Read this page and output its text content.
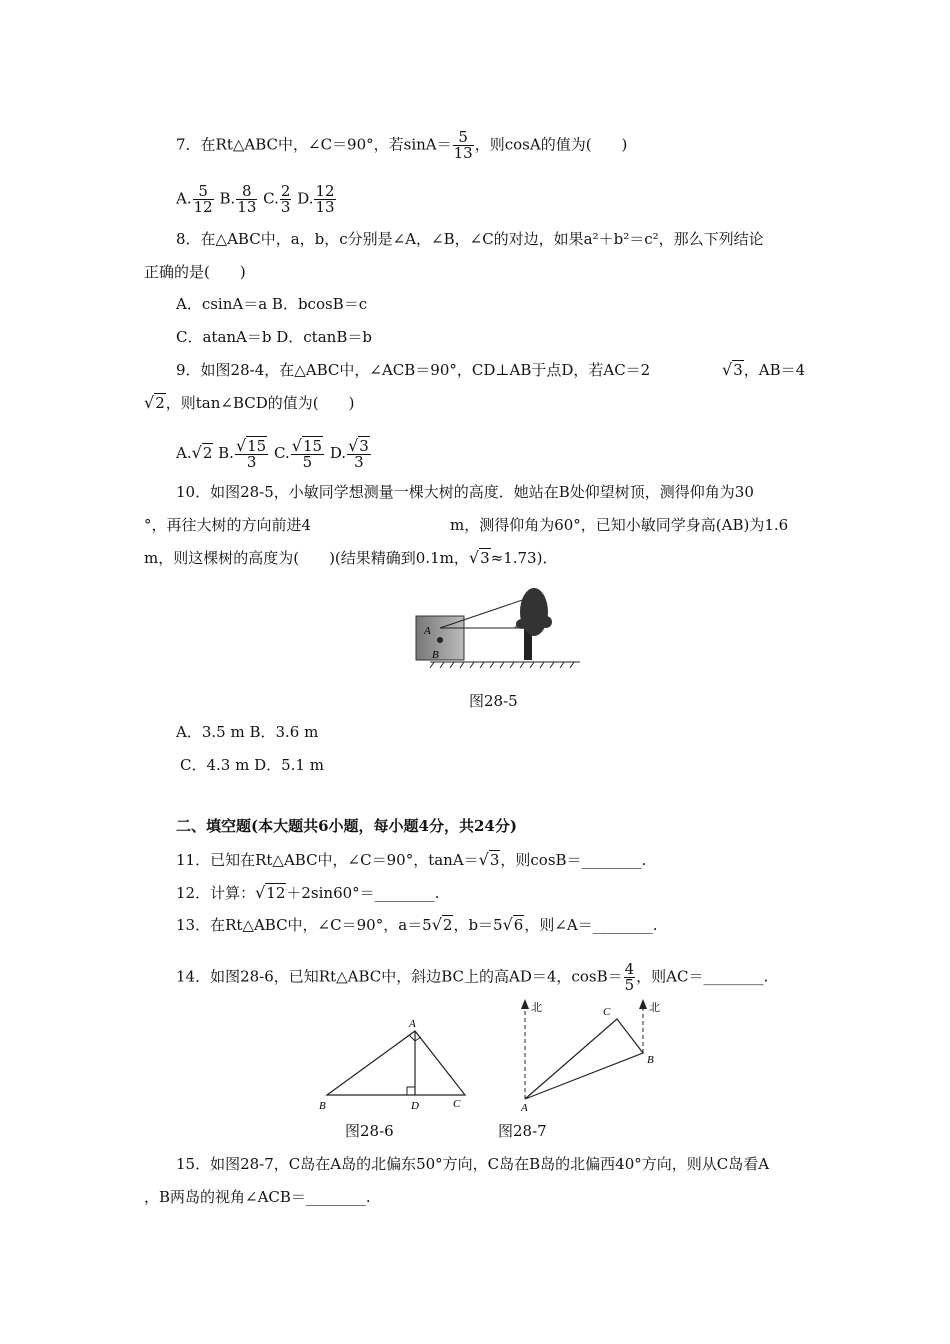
7．在Rt△ABC中，∠C＝90°，若$\sin A= \frac{5}{13}$ ，则cosA的值为(　　)
A. $\frac{5}{12} B$. $\frac{8}{13} C$. $\frac{2}{3} D$. $\frac{12}{13}$
8．在△ABC中，a，b，c分别是∠A，∠B，∠C的对边，如果a²＋b²＝c²，那么下列结论
正确的是(　　)
A．csinA＝a B．bcosB＝c
C．atanA＝b D．ctanB＝b
9．如图28-4，在△ABC中，∠ACB＝90°，CD⊥AB于点D，若AC＝2	√3，AB＝4
√2，则tan∠BCD的值为(　　)
A.√2 B. $\frac{√15}{3} C$. $\frac{√15}{5} D$. $\frac{√3}{3}$
10．如图28-5，小敏同学想测量一棵大树的高度．她站在B处仰望树顶，测得仰角为30
°，再往大树的方向前进4	m，测得仰角为60°，已知小敏同学身高(AB)为1.6
m，则这棵树的高度为(　　)(结果精确到0.1m，√3≈1.73)．
A
B
图28-5
A．3.5 m B．3.6 m
C．4.3 m D．5.1 m
二、填空题(本大题共6小题，每小题4分，共24分)
11．已知在Rt△ABC中，∠C＝90°，tanA＝√3，则cosB＝________.
12．计算：√12＋2sin60°＝________.
13．在Rt△ABC中，∠C＝90°，a＝5√2，b＝5√6，则∠A＝________.
14．如图28-6，已知Rt△ABC中，斜边BC上的高AD＝4，$\cos B= \frac{4}{5}$ ，则AC＝________.
A
B	C
D
图28-6
北	北
C
B
A
图28-7
15．如图28-7，C岛在A岛的北偏东50°方向，C岛在B岛的北偏西40°方向，则从C岛看A
，B两岛的视角∠ACB＝________.
